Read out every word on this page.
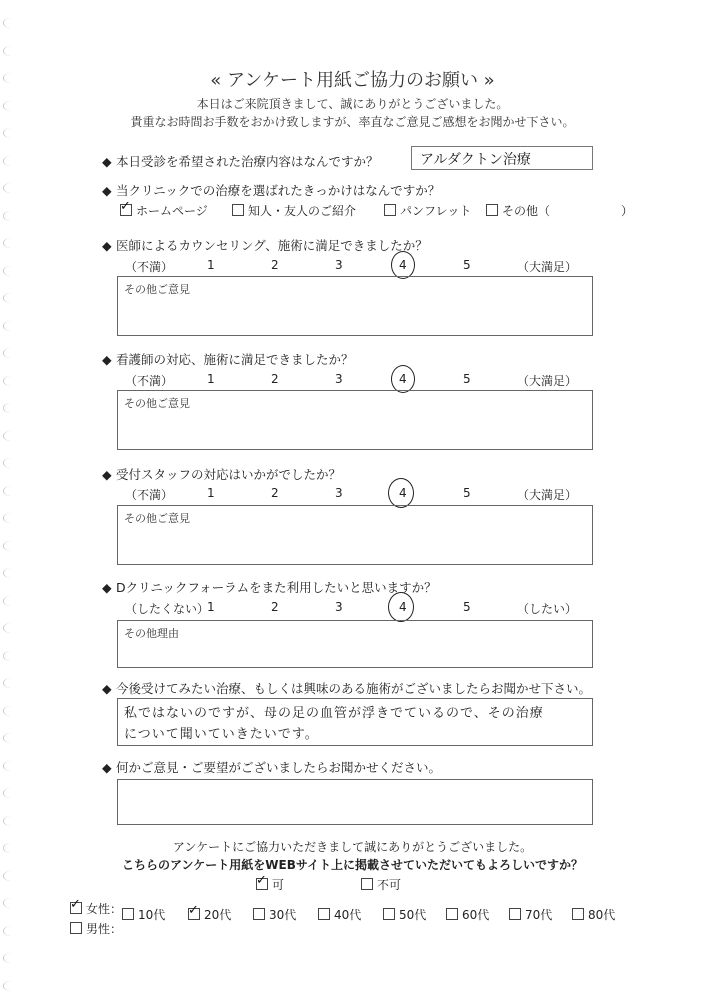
« アンケート用紙ご協力のお願い »
本日はご来院頂きまして、誠にありがとうございました。
貴重なお時間お手数をおかけ致しますが、率直なご意見ご感想をお聞かせ下さい。
◆ 本日受診を希望された治療内容はなんですか？	アルダクトン治療
◆ 当クリニックでの治療を選ばれたきっかけはなんですか？
✓ホームページ	知人・友人のご紹介	パンフレット	その他（	）
◆ 医師によるカウンセリング、施術に満足できましたか？
（不満）	1	2	3	4	5	（大満足）
その他ご意見
◆ 看護師の対応、施術に満足できましたか？
（不満）	1	2	3	4	5	（大満足）
その他ご意見
◆ 受付スタッフの対応はいかがでしたか？
（不満）	1	2	3	4	5	（大満足）
その他ご意見
◆ Dクリニックフォーラムをまた利用したいと思いますか？
（したくない）
1	2	3	4	5	（したい）
その他理由
◆ 今後受けてみたい治療、もしくは興味のある施術がございましたらお聞かせ下さい。
私ではないのですが、母の足の血管が浮きでているので、その治療
について聞いていきたいです。
◆ 何かご意見・ご要望がございましたらお聞かせください。
アンケートにご協力いただきまして誠にありがとうございました。
こちらのアンケート用紙をWEBサイト上に掲載させていただいてもよろしいですか？
✓可	不可
✓女性：
男性：
10代
✓	20代	30代	40代	50代	60代	70代	80代
